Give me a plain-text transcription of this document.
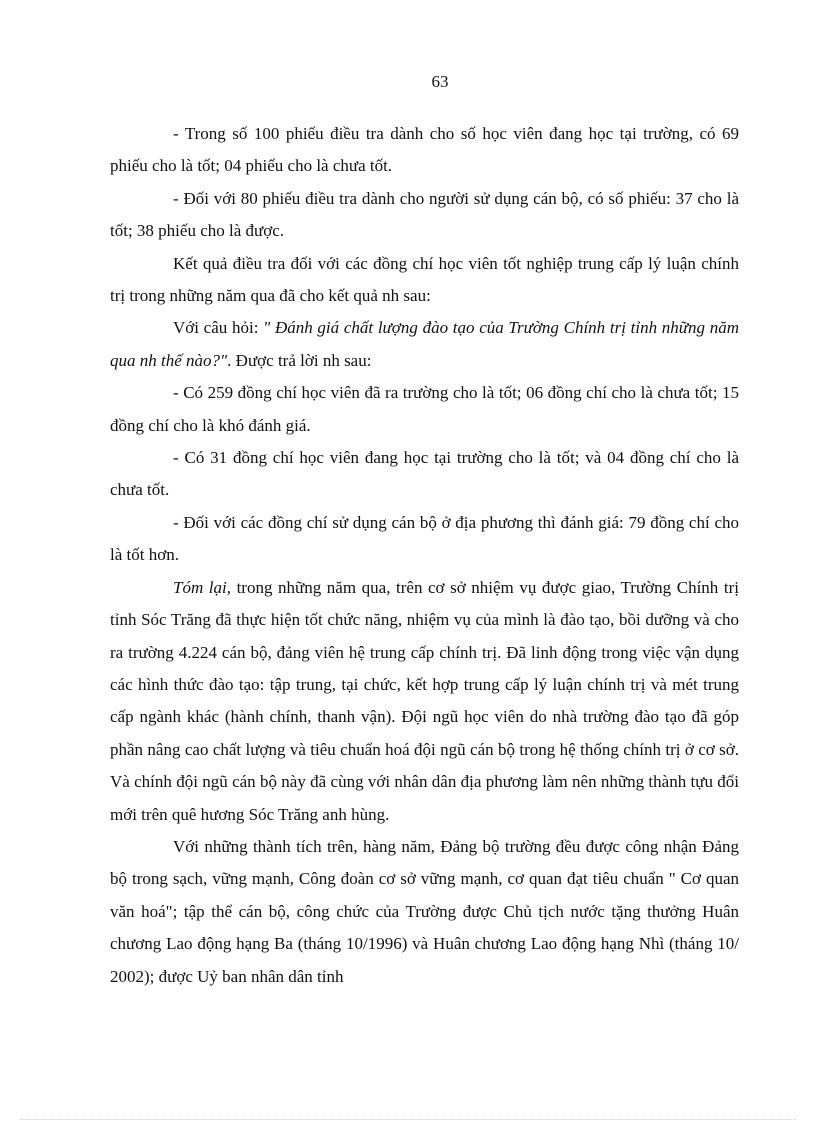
63

- Trong số 100 phiếu điều tra dành cho số học viên đang học tại trường, có 69 phiếu cho là tốt; 04 phiếu cho là chưa tốt.

- Đối với 80 phiếu điều tra dành cho người sử dụng cán bộ, có số phiếu: 37 cho là tốt; 38 phiếu cho là được.

Kết quả điều tra đối với các đồng chí học viên tốt nghiệp trung cấp lý luận chính trị trong những năm qua đã cho kết quả nh sau:

Với câu hỏi: " Đánh giá chất lượng đào tạo của Trường Chính trị tỉnh những năm qua nh thế nào?". Được trả lời nh sau:

- Có 259 đồng chí học viên đã ra trường cho là tốt; 06 đồng chí cho là chưa tốt; 15 đồng chí cho là khó đánh giá.

- Có 31 đồng chí học viên đang học tại trường cho là tốt; và 04 đồng chí cho là chưa tốt.

- Đối với các đồng chí sử dụng cán bộ ở địa phương thì đánh giá: 79 đồng chí cho là tốt hơn.

Tóm lại, trong những năm qua, trên cơ sở nhiệm vụ được giao, Trường Chính trị tỉnh Sóc Trăng đã thực hiện tốt chức năng, nhiệm vụ của mình là đào tạo, bồi dưỡng và cho ra trường 4.224 cán bộ, đảng viên hệ trung cấp chính trị. Đã linh động trong việc vận dụng các hình thức đào tạo: tập trung, tại chức, kết hợp trung cấp lý luận chính trị và mét trung cấp ngành khác (hành chính, thanh vận). Đội ngũ học viên do nhà trường đào tạo đã góp phần nâng cao chất lượng và tiêu chuẩn hoá đội ngũ cán bộ trong hệ thống chính trị ở cơ sở. Và chính đội ngũ cán bộ này đã cùng với nhân dân địa phương làm nên những thành tựu đổi mới trên quê hương Sóc Trăng anh hùng.

Với những thành tích trên, hàng năm, Đảng bộ trường đều được công nhận Đảng bộ trong sạch, vững mạnh, Công đoàn cơ sở vững mạnh, cơ quan đạt tiêu chuẩn " Cơ quan văn hoá"; tập thể cán bộ, công chức của Trường được Chủ tịch nước tặng thưởng Huân chương Lao động hạng Ba (tháng 10/1996) và Huân chương Lao động hạng Nhì (tháng 10/ 2002); được Uỷ ban nhân dân tỉnh
